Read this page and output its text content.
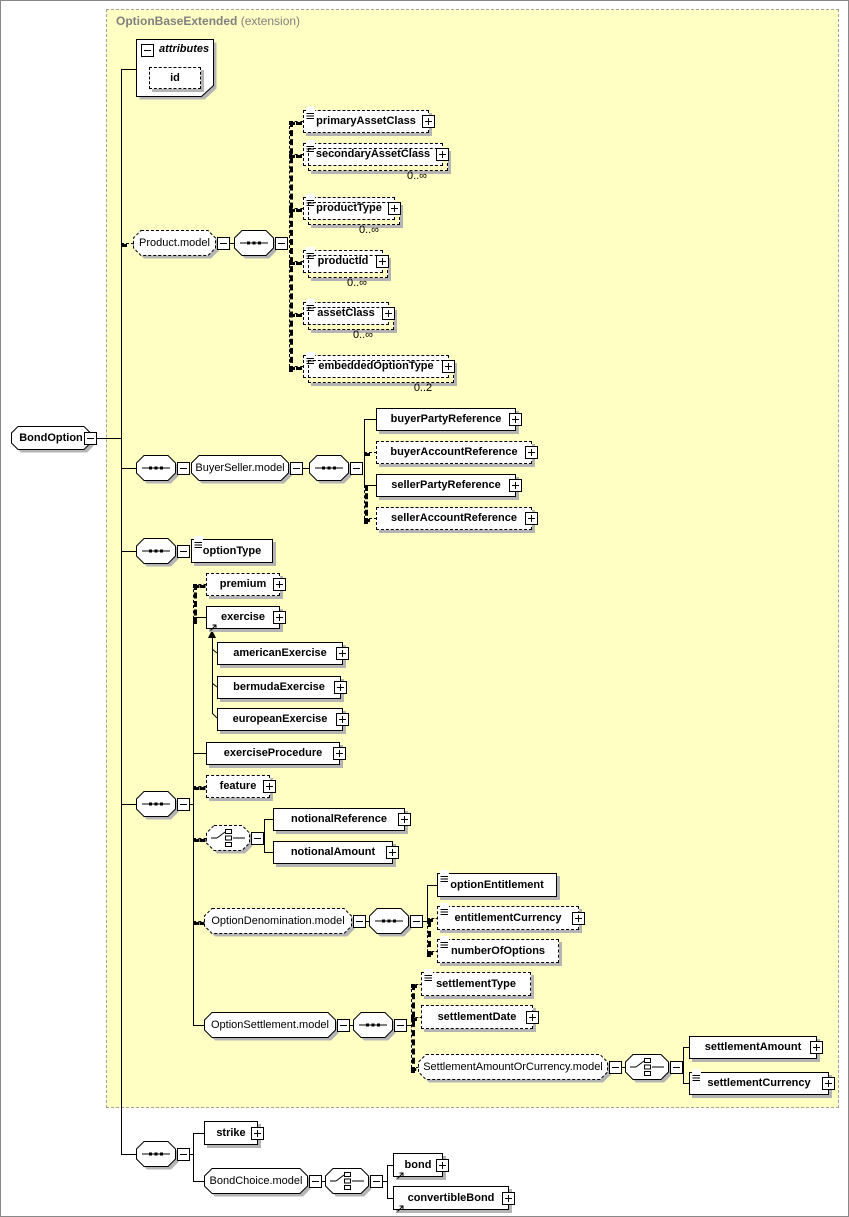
OptionBaseExtended (extension)
attributes
id
BondOption
Product.model
primaryAssetClass
secondaryAssetClass
0..∞
productType
0..∞
productId
0..∞
assetClass
0..∞
embeddedOptionType
0..2
BuyerSeller.model
buyerPartyReference
buyerAccountReference
sellerPartyReference
sellerAccountReference
optionType
premium
exercise
americanExercise
bermudaExercise
europeanExercise
exerciseProcedure
feature
notionalReference
notionalAmount
OptionDenomination.model
optionEntitlement
entitlementCurrency
numberOfOptions
OptionSettlement.model
settlementType
settlementDate
SettlementAmountOrCurrency.model
settlementAmount
settlementCurrency
strike
BondChoice.model
bond
convertibleBond
